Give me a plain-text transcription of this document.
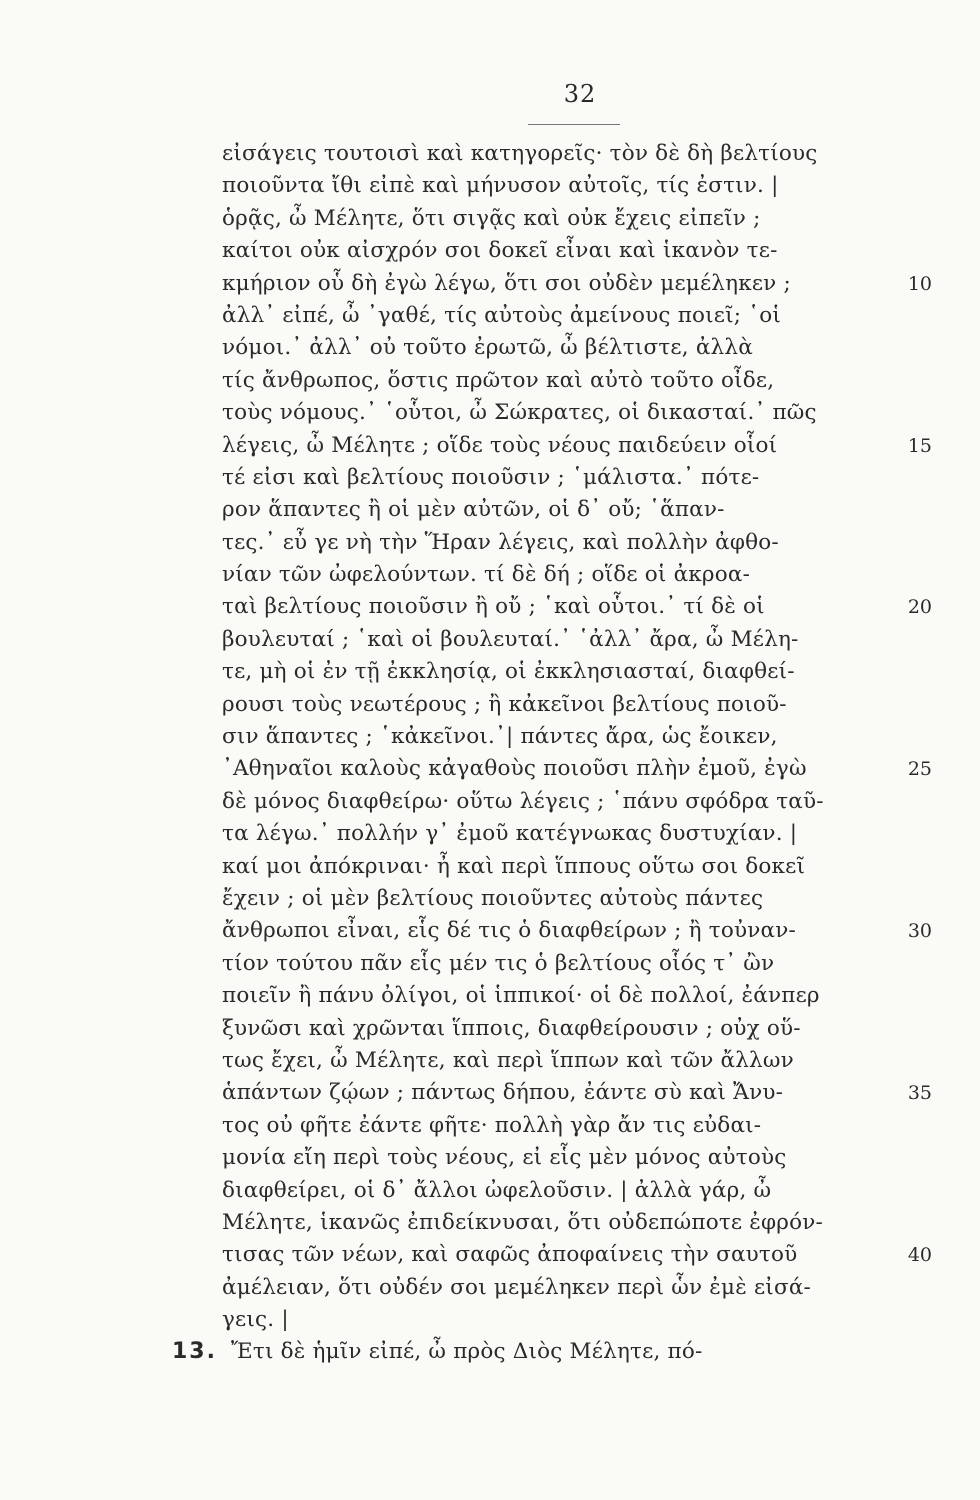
32
εἰσάγεις τουτοισὶ καὶ κατηγορεῖς· τὸν δὲ δὴ βελτίους
ποιοῦντα ἴθι εἰπὲ καὶ μήνυσον αὐτοῖς, τίς ἐστιν. |
ὁρᾷς, ὦ Μέλητε, ὅτι σιγᾷς καὶ οὐκ ἔχεις εἰπεῖν ;
καίτοι οὐκ αἰσχρόν σοι δοκεῖ εἶναι καὶ ἱκανὸν τε-
κμήριον οὗ δὴ ἐγὼ λέγω, ὅτι σοι οὐδὲν μεμέληκεν ;	10
ἀλλ᾽ εἰπέ, ὦ ᾽γαθέ, τίς αὐτοὺς ἀμείνους ποιεῖ; ῾οἱ
νόμοι.᾽ ἀλλ᾽ οὐ τοῦτο ἐρωτῶ, ὦ βέλτιστε, ἀλλὰ
τίς ἄνθρωπος, ὅστις πρῶτον καὶ αὐτὸ τοῦτο οἶδε,
τοὺς νόμους.᾽ ῾οὗτοι, ὦ Σώκρατες, οἱ δικασταί.᾽ πῶς
λέγεις, ὦ Μέλητε ; οἵδε τοὺς νέους παιδεύειν οἷοί	15
τέ εἰσι καὶ βελτίους ποιοῦσιν ; ῾μάλιστα.᾽ πότε-
ρον ἅπαντες ἢ οἱ μὲν αὐτῶν, οἱ δ᾽ οὔ; ῾ἅπαν-
τες.᾽ εὖ γε νὴ τὴν Ἥραν λέγεις, καὶ πολλὴν ἀφθο-
νίαν τῶν ὠφελούντων. τί δὲ δή ; οἵδε οἱ ἀκροα-
ταὶ βελτίους ποιοῦσιν ἢ οὔ ; ῾καὶ οὗτοι.᾽ τί δὲ οἱ	20
βουλευταί ; ῾καὶ οἱ βουλευταί.᾽ ῾ἀλλ᾽ ἄρα, ὦ Μέλη-
τε, μὴ οἱ ἐν τῇ ἐκκλησίᾳ, οἱ ἐκκλησιασταί, διαφθεί-
ρουσι τοὺς νεωτέρους ; ἢ κἀκεῖνοι βελτίους ποιοῦ-
σιν ἅπαντες ; ῾κἀκεῖνοι.᾽| πάντες ἄρα, ὡς ἔοικεν,
᾽Αθηναῖοι καλοὺς κἀγαθοὺς ποιοῦσι πλὴν ἐμοῦ, ἐγὼ	25
δὲ μόνος διαφθείρω· οὕτω λέγεις ; ῾πάνυ σφόδρα ταῦ-
τα λέγω.᾽ πολλήν γ᾽ ἐμοῦ κατέγνωκας δυστυχίαν. |
καί μοι ἀπόκριναι· ἦ καὶ περὶ ἵππους οὕτω σοι δοκεῖ
ἔχειν ; οἱ μὲν βελτίους ποιοῦντες αὐτοὺς πάντες
ἄνθρωποι εἶναι, εἷς δέ τις ὁ διαφθείρων ; ἢ τοὐναν-	30
τίον τούτου πᾶν εἷς μέν τις ὁ βελτίους οἷός τ᾽ ὢν
ποιεῖν ἢ πάνυ ὀλίγοι, οἱ ἱππικοί· οἱ δὲ πολλοί, ἐάνπερ
ξυνῶσι καὶ χρῶνται ἵπποις, διαφθείρουσιν ; οὐχ οὕ-
τως ἔχει, ὦ Μέλητε, καὶ περὶ ἵππων καὶ τῶν ἄλλων
ἁπάντων ζῴων ; πάντως δήπου, ἐάντε σὺ καὶ Ἄνυ-	35
τος οὐ φῆτε ἐάντε φῆτε· πολλὴ γὰρ ἄν τις εὐδαι-
μονία εἴη περὶ τοὺς νέους, εἰ εἷς μὲν μόνος αὐτοὺς
διαφθείρει, οἱ δ᾽ ἄλλοι ὠφελοῦσιν. | ἀλλὰ γάρ, ὦ
Μέλητε, ἱκανῶς ἐπιδείκνυσαι, ὅτι οὐδεπώποτε ἐφρόν-
τισας τῶν νέων, καὶ σαφῶς ἀποφαίνεις τὴν σαυτοῦ	40
ἀμέλειαν, ὅτι οὐδέν σοι μεμέληκεν περὶ ὧν ἐμὲ εἰσά-
γεις. |
13. Ἔτι δὲ ἡμῖν εἰπέ, ὦ πρὸς Διὸς Μέλητε, πό-
